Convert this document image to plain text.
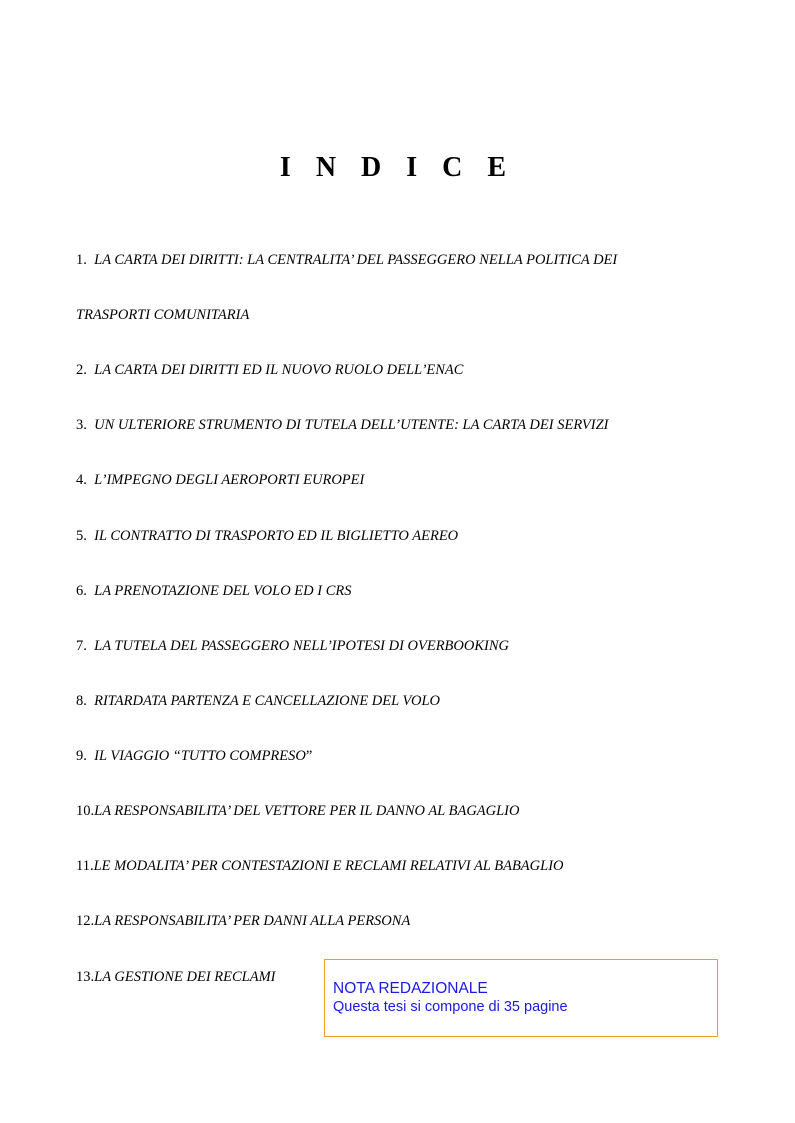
I N D I C E
1. LA CARTA DEI DIRITTI: LA CENTRALITA’ DEL PASSEGGERO NELLA POLITICA DEI
TRASPORTI COMUNITARIA
2. LA CARTA DEI DIRITTI ED IL NUOVO RUOLO DELL’ENAC
3. UN ULTERIORE STRUMENTO DI TUTELA DELL’UTENTE: LA CARTA DEI SERVIZI
4. L’IMPEGNO DEGLI AEROPORTI EUROPEI
5. IL CONTRATTO DI TRASPORTO ED IL BIGLIETTO AEREO
6. LA PRENOTAZIONE DEL VOLO ED I CRS
7. LA TUTELA DEL PASSEGGERO NELL’IPOTESI DI OVERBOOKING
8. RITARDATA PARTENZA E CANCELLAZIONE DEL VOLO
9. IL VIAGGIO “TUTTO COMPRESO”
10.LA RESPONSABILITA’ DEL VETTORE PER IL DANNO AL BAGAGLIO
11.LE MODALITA’ PER CONTESTAZIONI E RECLAMI RELATIVI AL BABAGLIO
12.LA RESPONSABILITA’ PER DANNI ALLA PERSONA
13.LA GESTIONE DEI RECLAMI
NOTA REDAZIONALE
Questa tesi si compone di 35 pagine
